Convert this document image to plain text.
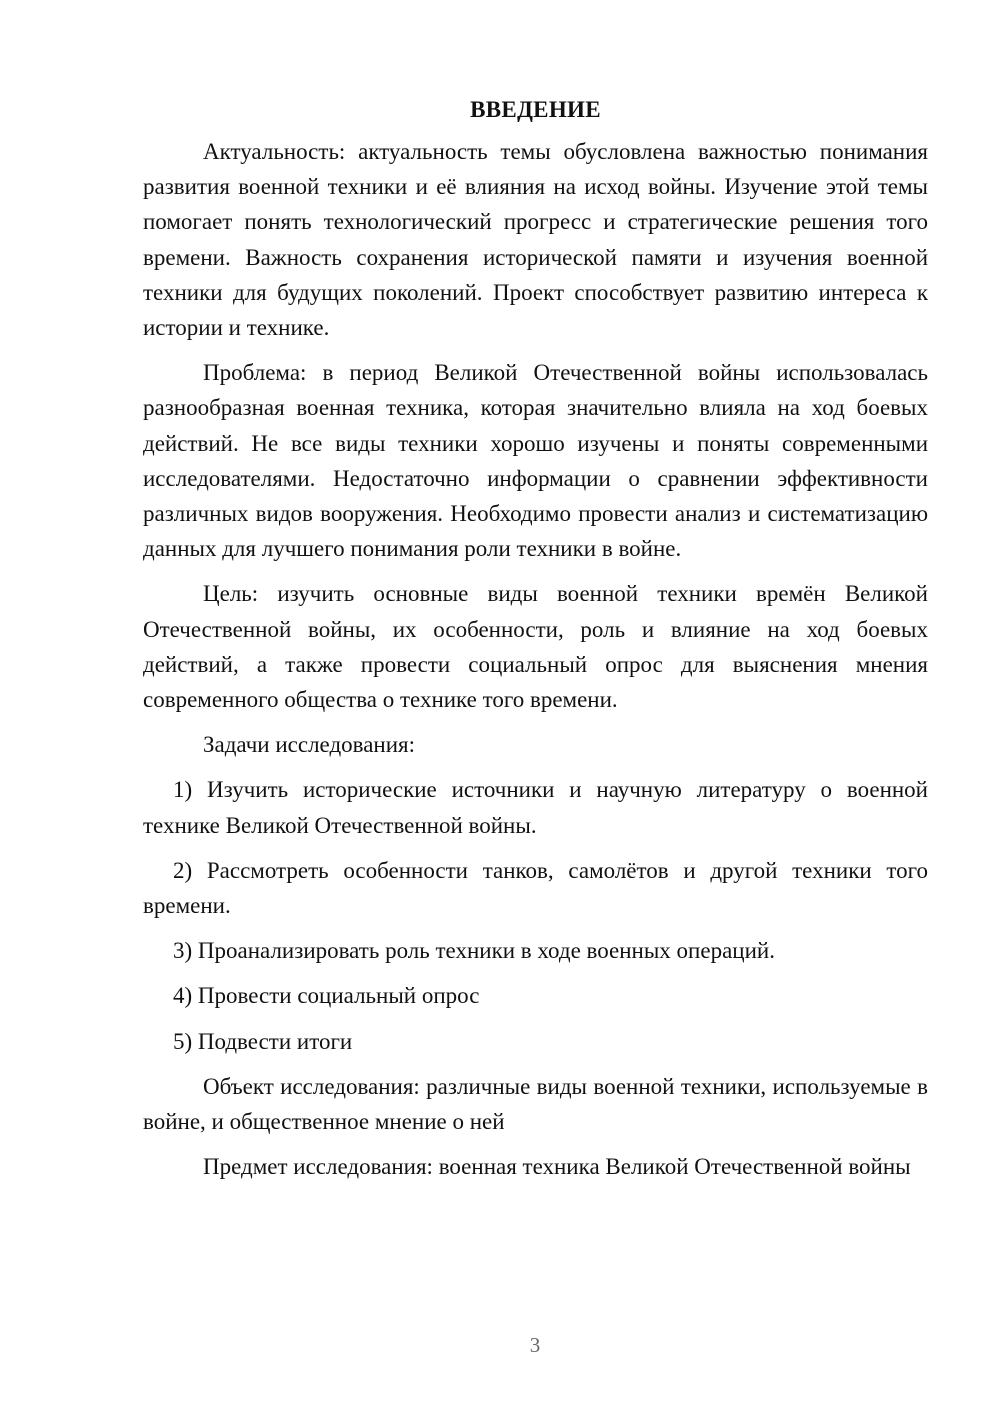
ВВЕДЕНИЕ

Актуальность: актуальность темы обусловлена важностью понимания развития военной техники и её влияния на исход войны. Изучение этой темы помогает понять технологический прогресс и стратегические решения того времени. Важность сохранения исторической памяти и изучения военной техники для будущих поколений. Проект способствует развитию интереса к истории и технике.

Проблема: в период Великой Отечественной войны использовалась разнообразная военная техника, которая значительно влияла на ход боевых действий. Не все виды техники хорошо изучены и поняты современными исследователями. Недостаточно информации о сравнении эффективности различных видов вооружения. Необходимо провести анализ и систематизацию данных для лучшего понимания роли техники в войне.

Цель: изучить основные виды военной техники времён Великой Отечественной войны, их особенности, роль и влияние на ход боевых действий, а также провести социальный опрос для выяснения мнения современного общества о технике того времени.

Задачи исследования:

1) Изучить исторические источники и научную литературу о военной технике Великой Отечественной войны.

2) Рассмотреть особенности танков, самолётов и другой техники того времени.

3) Проанализировать роль техники в ходе военных операций.

4) Провести социальный опрос

5) Подвести итоги

Объект исследования: различные виды военной техники, используемые в войне, и общественное мнение о ней

Предмет исследования: военная техника Великой Отечественной войны

3
